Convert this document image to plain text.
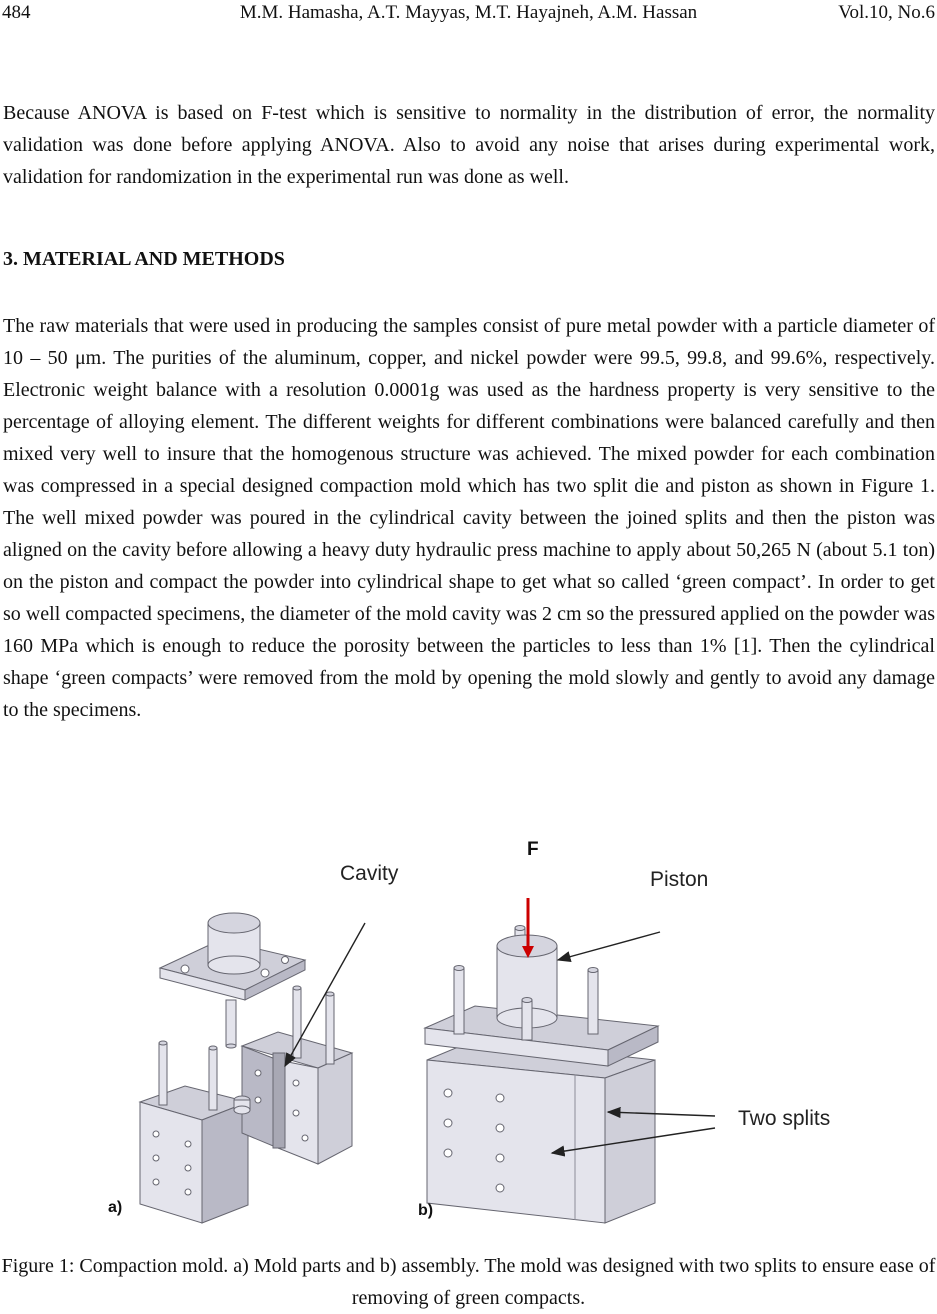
484	M.M. Hamasha, A.T. Mayyas, M.T. Hayajneh, A.M. Hassan	Vol.10, No.6

Because ANOVA is based on F-test which is sensitive to normality in the distribution of error, the normality validation was done before applying ANOVA. Also to avoid any noise that arises during experimental work, validation for randomization in the experimental run was done as well.

3. MATERIAL AND METHODS

The raw materials that were used in producing the samples consist of pure metal powder with a particle diameter of 10 – 50 μm. The purities of the aluminum, copper, and nickel powder were 99.5, 99.8, and 99.6%, respectively. Electronic weight balance with a resolution 0.0001g was used as the hardness property is very sensitive to the percentage of alloying element. The different weights for different combinations were balanced carefully and then mixed very well to insure that the homogenous structure was achieved. The mixed powder for each combination was compressed in a special designed compaction mold which has two split die and piston as shown in Figure 1. The well mixed powder was poured in the cylindrical cavity between the joined splits and then the piston was aligned on the cavity before allowing a heavy duty hydraulic press machine to apply about 50,265 N (about 5.1 ton) on the piston and compact the powder into cylindrical shape to get what so called ‘green compact’. In order to get so well compacted specimens, the diameter of the mold cavity was 2 cm so the pressured applied on the powder was 160 MPa which is enough to reduce the porosity between the particles to less than 1% [1]. Then the cylindrical shape ‘green compacts’ were removed from the mold by opening the mold slowly and gently to avoid any damage to the specimens.

Cavity
F
Piston
Two splits
a)	b)

Figure 1: Compaction mold. a) Mold parts and b) assembly. The mold was designed with two splits to ensure ease of removing of green compacts.
